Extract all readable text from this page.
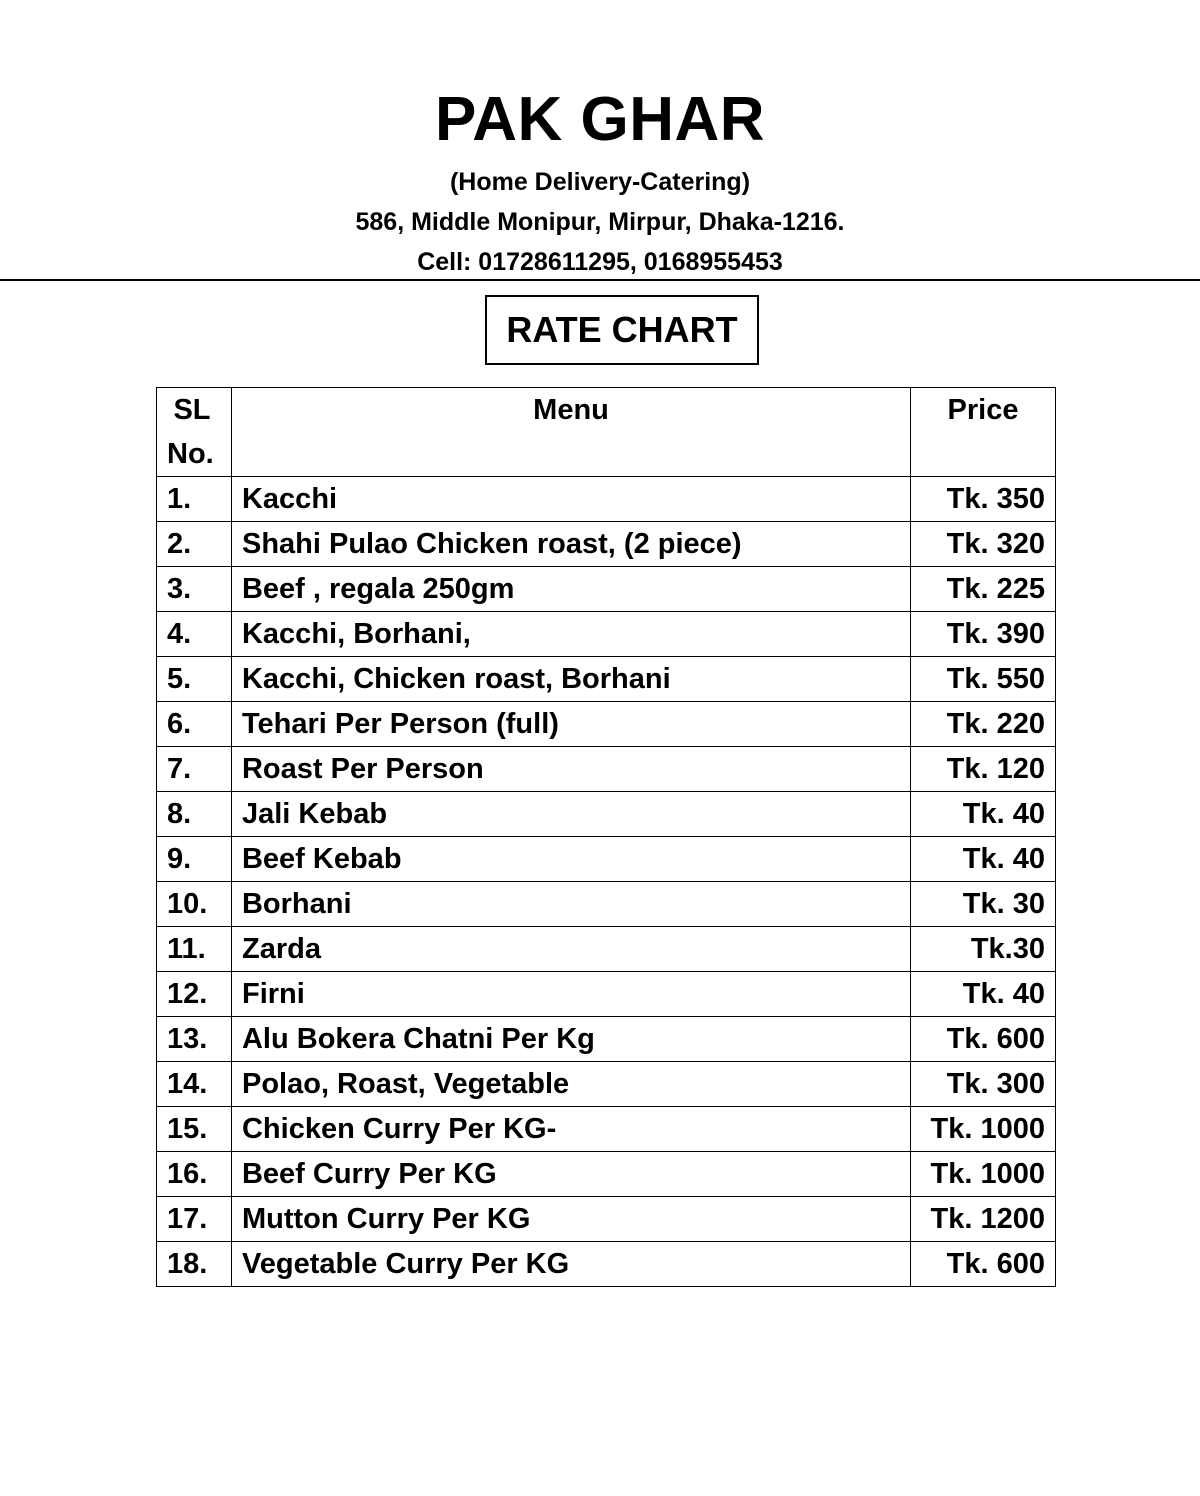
PAK GHAR
(Home Delivery-Catering)
586, Middle Monipur, Mirpur, Dhaka-1216.
Cell: 01728611295, 0168955453
RATE CHART
SL
No.	Menu	Price
1.	Kacchi	Tk. 350
2.	Shahi Pulao Chicken roast, (2 piece)	Tk. 320
3.	Beef , regala 250gm	Tk. 225
4.	Kacchi, Borhani,	Tk. 390
5.	Kacchi, Chicken roast, Borhani	Tk. 550
6.	Tehari Per Person (full)	Tk. 220
7.	Roast Per Person	Tk. 120
8.	Jali Kebab	Tk. 40
9.	Beef Kebab	Tk. 40
10.	Borhani	Tk. 30
11.	Zarda	Tk.30
12.	Firni	Tk. 40
13.	Alu Bokera Chatni Per Kg	Tk. 600
14.	Polao, Roast, Vegetable	Tk. 300
15.	Chicken Curry Per KG-	Tk. 1000
16.	Beef Curry Per KG	Tk. 1000
17.	Mutton Curry Per KG	Tk. 1200
18.	Vegetable Curry Per KG	Tk. 600
